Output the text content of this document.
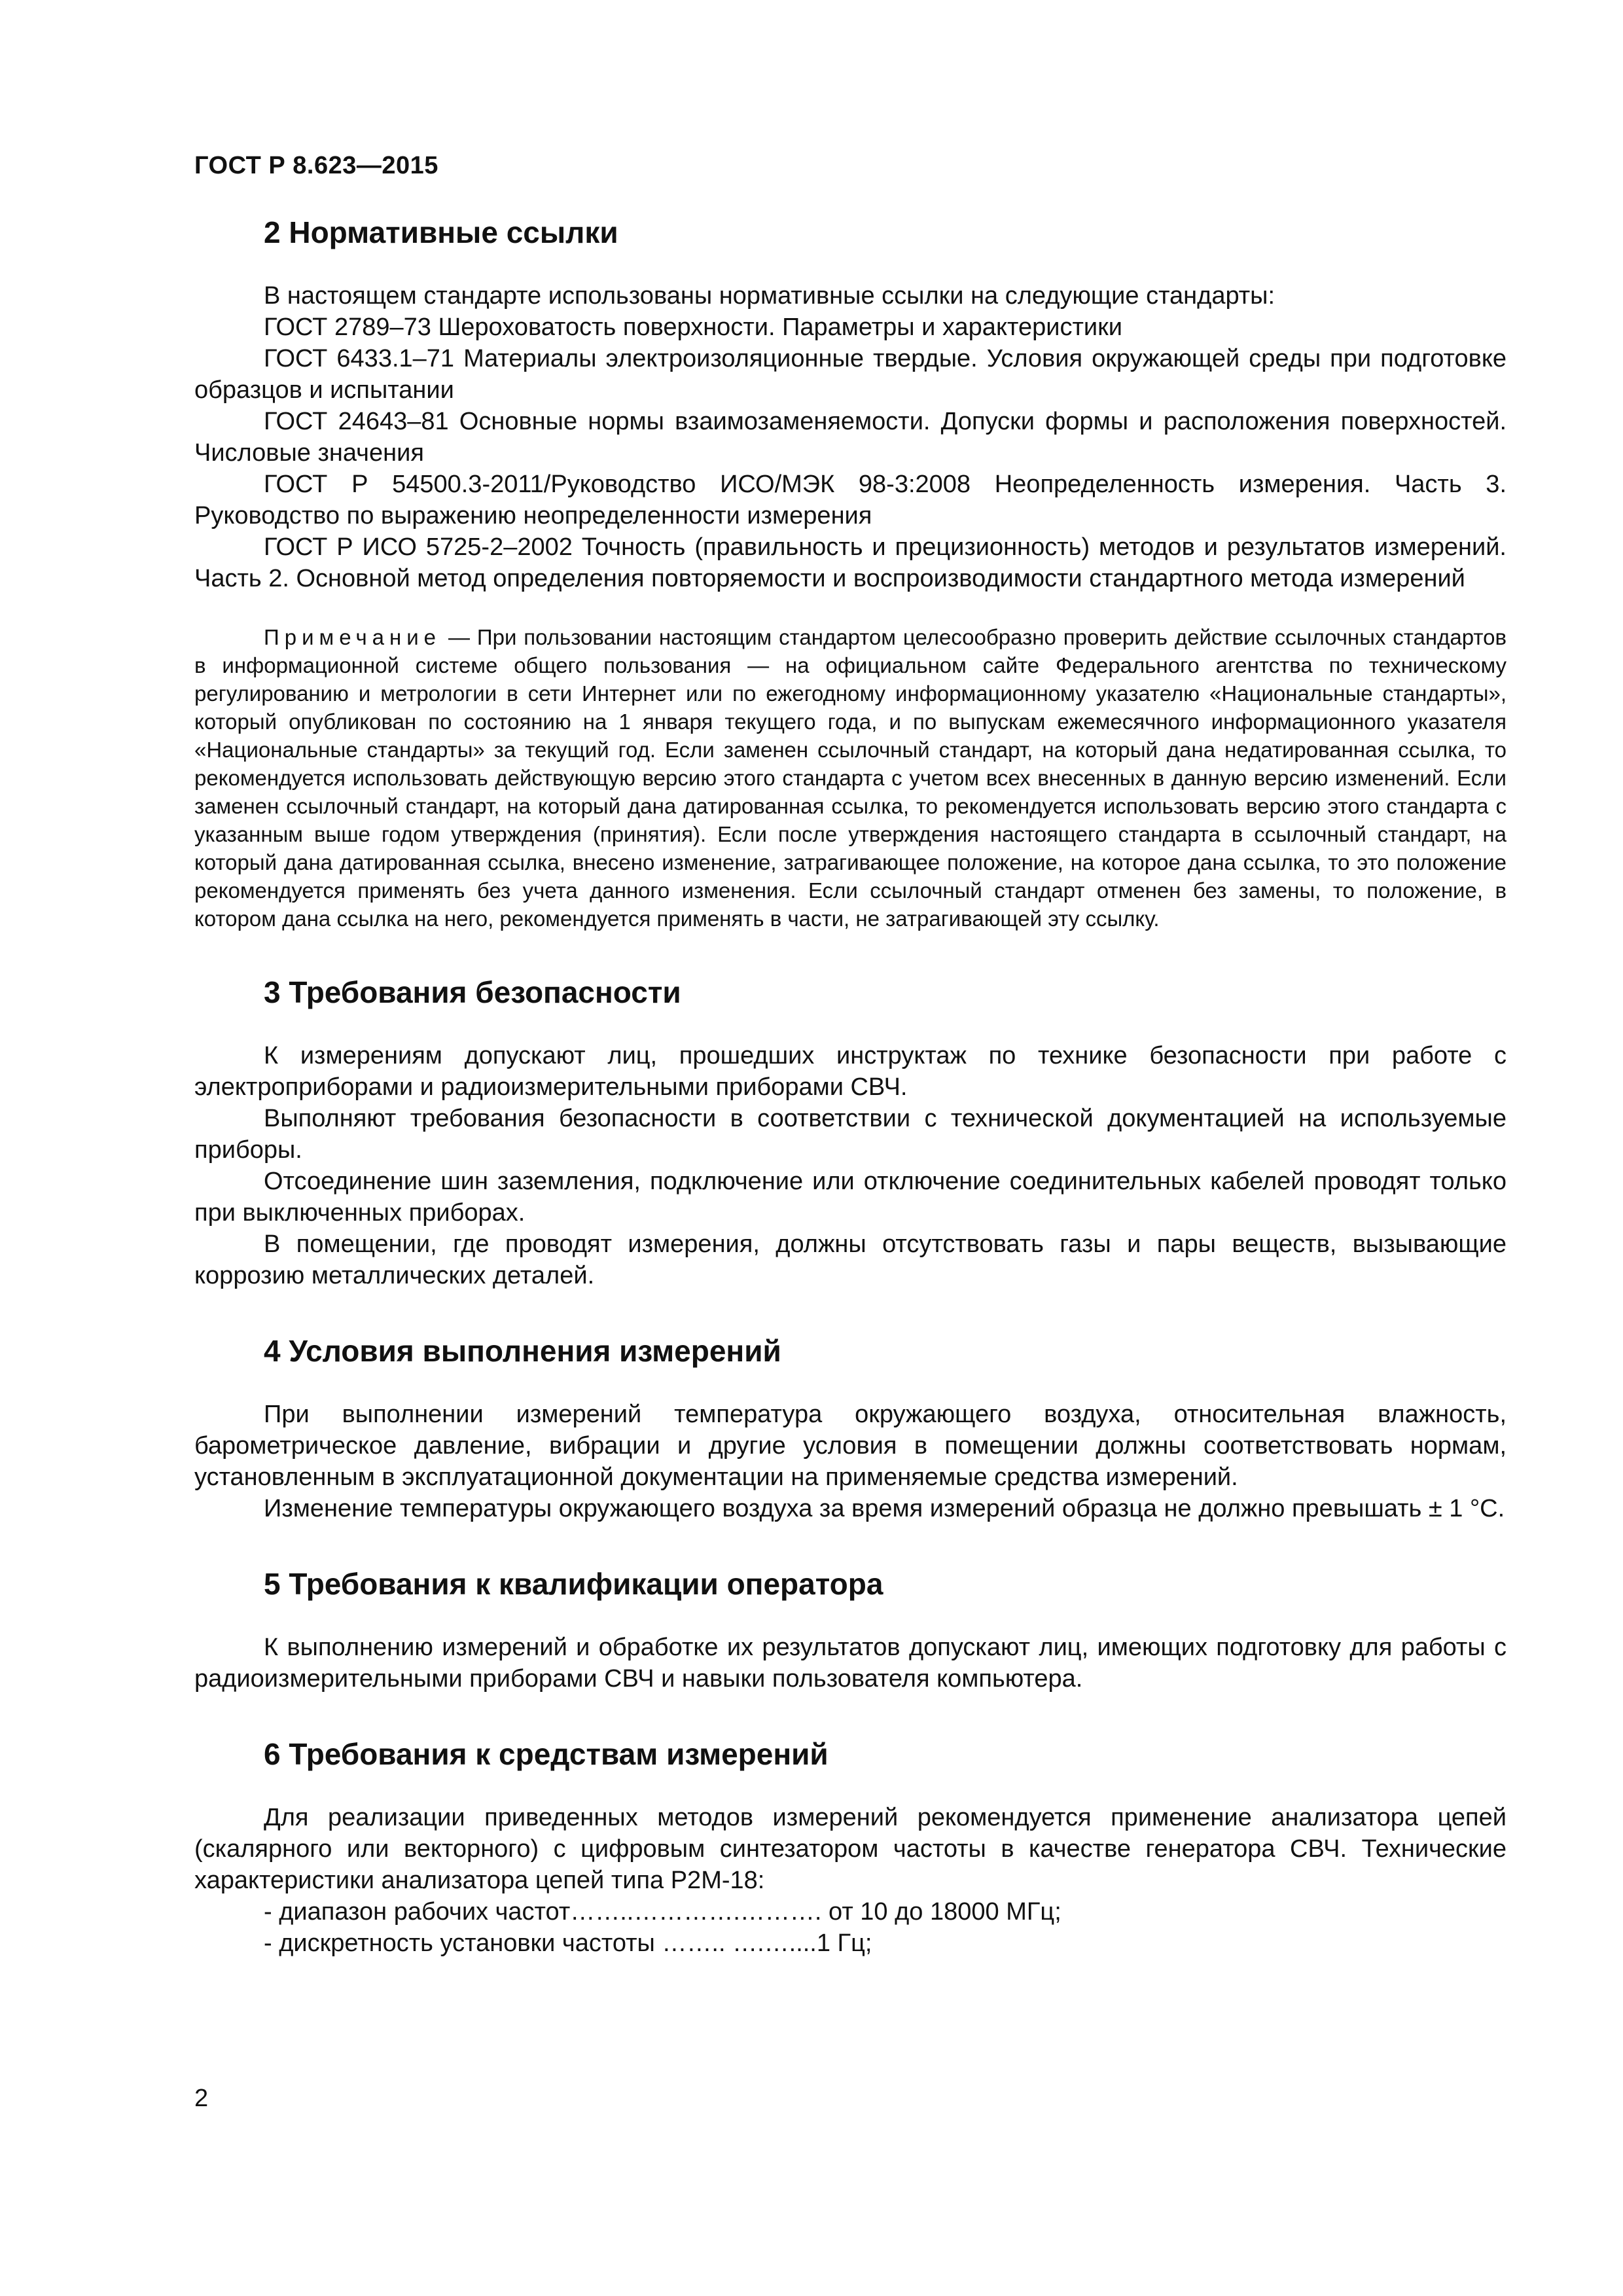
ГОСТ Р 8.623—2015
2 Нормативные ссылки

В настоящем стандарте использованы нормативные ссылки на следующие стандарты:

ГОСТ 2789–73 Шероховатость поверхности. Параметры и характеристики

ГОСТ 6433.1–71 Материалы электроизоляционные твердые. Условия окружающей среды при подготовке образцов и испытании

ГОСТ 24643–81 Основные нормы взаимозаменяемости. Допуски формы и расположения поверхностей. Числовые значения

ГОСТ Р 54500.3-2011/Руководство ИСО/МЭК 98-3:2008 Неопределенность измерения. Часть 3. Руководство по выражению неопределенности измерения

ГОСТ Р ИСО 5725-2–2002 Точность (правильность и прецизионность) методов и результатов измерений. Часть 2. Основной метод определения повторяемости и воспроизводимости стандартного метода измерений

Примечание — При пользовании настоящим стандартом целесообразно проверить действие ссылочных стандартов в информационной системе общего пользования — на официальном сайте Федерального агентства по техническому регулированию и метрологии в сети Интернет или по ежегодному информационному указателю «Национальные стандарты», который опубликован по состоянию на 1 января текущего года, и по выпускам ежемесячного информационного указателя «Национальные стандарты» за текущий год. Если заменен ссылочный стандарт, на который дана недатированная ссылка, то рекомендуется использовать действующую версию этого стандарта с учетом всех внесенных в данную версию изменений. Если заменен ссылочный стандарт, на который дана датированная ссылка, то рекомендуется использовать версию этого стандарта с указанным выше годом утверждения (принятия). Если после утверждения настоящего стандарта в ссылочный стандарт, на который дана датированная ссылка, внесено изменение, затрагивающее положение, на которое дана ссылка, то это положение рекомендуется применять без учета данного изменения. Если ссылочный стандарт отменен без замены, то положение, в котором дана ссылка на него, рекомендуется применять в части, не затрагивающей эту ссылку.

3 Требования безопасности

К измерениям допускают лиц, прошедших инструктаж по технике безопасности при работе с электроприборами и радиоизмерительными приборами СВЧ.

Выполняют требования безопасности в соответствии с технической документацией на используемые приборы.

Отсоединение шин заземления, подключение или отключение соединительных кабелей проводят только при выключенных приборах.

В помещении, где проводят измерения, должны отсутствовать газы и пары веществ, вызывающие коррозию металлических деталей.

4 Условия выполнения измерений

При выполнении измерений температура окружающего воздуха, относительная влажность, барометрическое давление, вибрации и другие условия в помещении должны соответствовать нормам, установленным в эксплуатационной документации на применяемые средства измерений.

Изменение температуры окружающего воздуха за время измерений образца не должно превышать ± 1 °С.

5 Требования к квалификации оператора

К выполнению измерений и обработке их результатов допускают лиц, имеющих подготовку для работы с радиоизмерительными приборами СВЧ и навыки пользователя компьютера.

6 Требования к средствам измерений

Для реализации приведенных методов измерений рекомендуется применение анализатора цепей (скалярного или векторного) с цифровым синтезатором частоты в качестве генератора СВЧ. Технические характеристики анализатора цепей типа Р2М-18:

- диапазон рабочих частот……..………….………. от 10 до 18000 МГц;

- дискретность установки частоты …….. ….…....1 Гц;

2
